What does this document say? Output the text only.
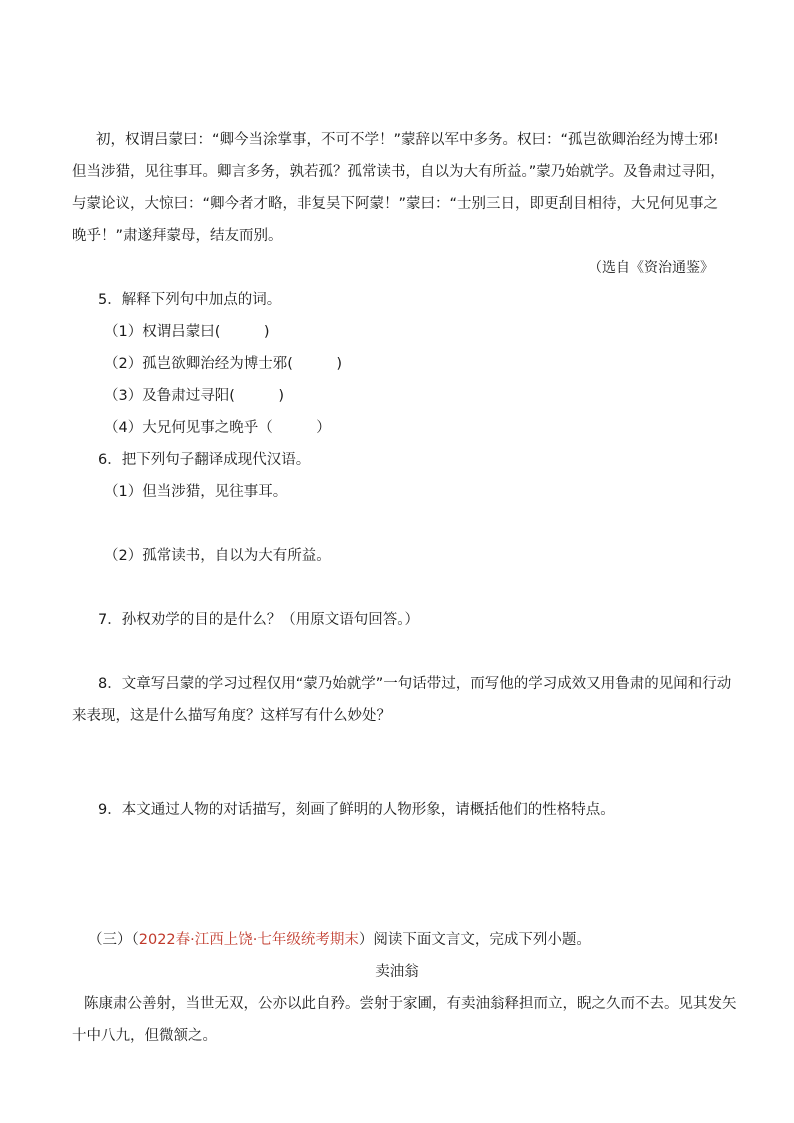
初，权谓吕蒙曰：“卿今当涂掌事，不可不学！”蒙辞以军中多务。权曰：“孤岂欲卿治经为博士邪!
但当涉猎，见往事耳。卿言多务，孰若孤？孤常读书，自以为大有所益。”蒙乃始就学。及鲁肃过寻阳，
与蒙论议，大惊曰：“卿今者才略，非复吴下阿蒙！”蒙曰：“士别三日，即更刮目相待，大兄何见事之
晚乎！”肃遂拜蒙母，结友而别。
（选自《资治通鉴》
5．解释下列句中加点的词。
（1）权谓吕蒙曰(　　　)
（2）孤岂欲卿治经为博士邪(　　　)
（3）及鲁肃过寻阳(　　　)
（4）大兄何见事之晚乎（　　　）
6．把下列句子翻译成现代汉语。
（1）但当涉猎，见往事耳。
（2）孤常读书，自以为大有所益。
7．孙权劝学的目的是什么？（用原文语句回答。）
8．文章写吕蒙的学习过程仅用“蒙乃始就学”一句话带过，而写他的学习成效又用鲁肃的见闻和行动
来表现，这是什么描写角度？这样写有什么妙处？
9．本文通过人物的对话描写，刻画了鲜明的人物形象，请概括他们的性格特点。
（三）（2022春·江西上饶·七年级统考期末）阅读下面文言文，完成下列小题。
卖油翁
陈康肃公善射，当世无双，公亦以此自矜。尝射于家圃，有卖油翁释担而立，睨之久而不去。见其发矢
十中八九，但微颔之。
